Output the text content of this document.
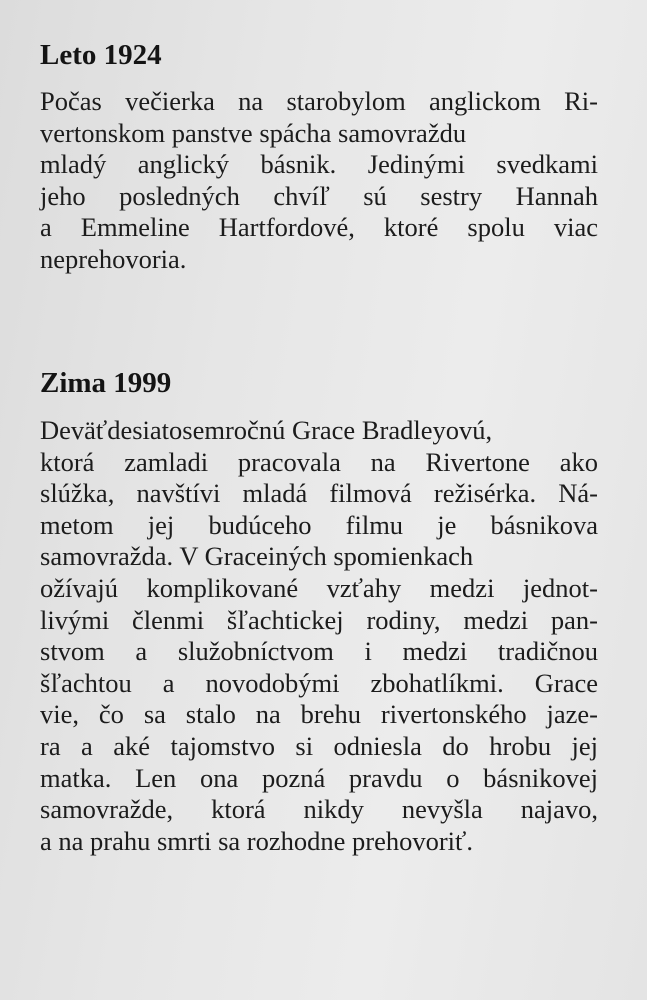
Leto 1924
Počas večierka na starobylom anglickom Ri-
vertonskom panstve spácha samovraždu
mladý anglický básnik. Jedinými svedkami
jeho posledných chvíľ sú sestry Hannah
a Emmeline Hartfordové, ktoré spolu viac
neprehovoria.
Zima 1999
Deväťdesiatosemročnú Grace Bradleyovú,
ktorá zamladi pracovala na Rivertone ako
slúžka, navštívi mladá filmová režisérka. Ná-
metom jej budúceho filmu je básnikova
samovražda. V Graceiných spomienkach
ožívajú komplikované vzťahy medzi jednot-
livými členmi šľachtickej rodiny, medzi pan-
stvom a služobníctvom i medzi tradičnou
šľachtou a novodobými zbohatlíkmi. Grace
vie, čo sa stalo na brehu rivertonského jaze-
ra a aké tajomstvo si odniesla do hrobu jej
matka. Len ona pozná pravdu o básnikovej
samovražde, ktorá nikdy nevyšla najavo,
a na prahu smrti sa rozhodne prehovoriť.
